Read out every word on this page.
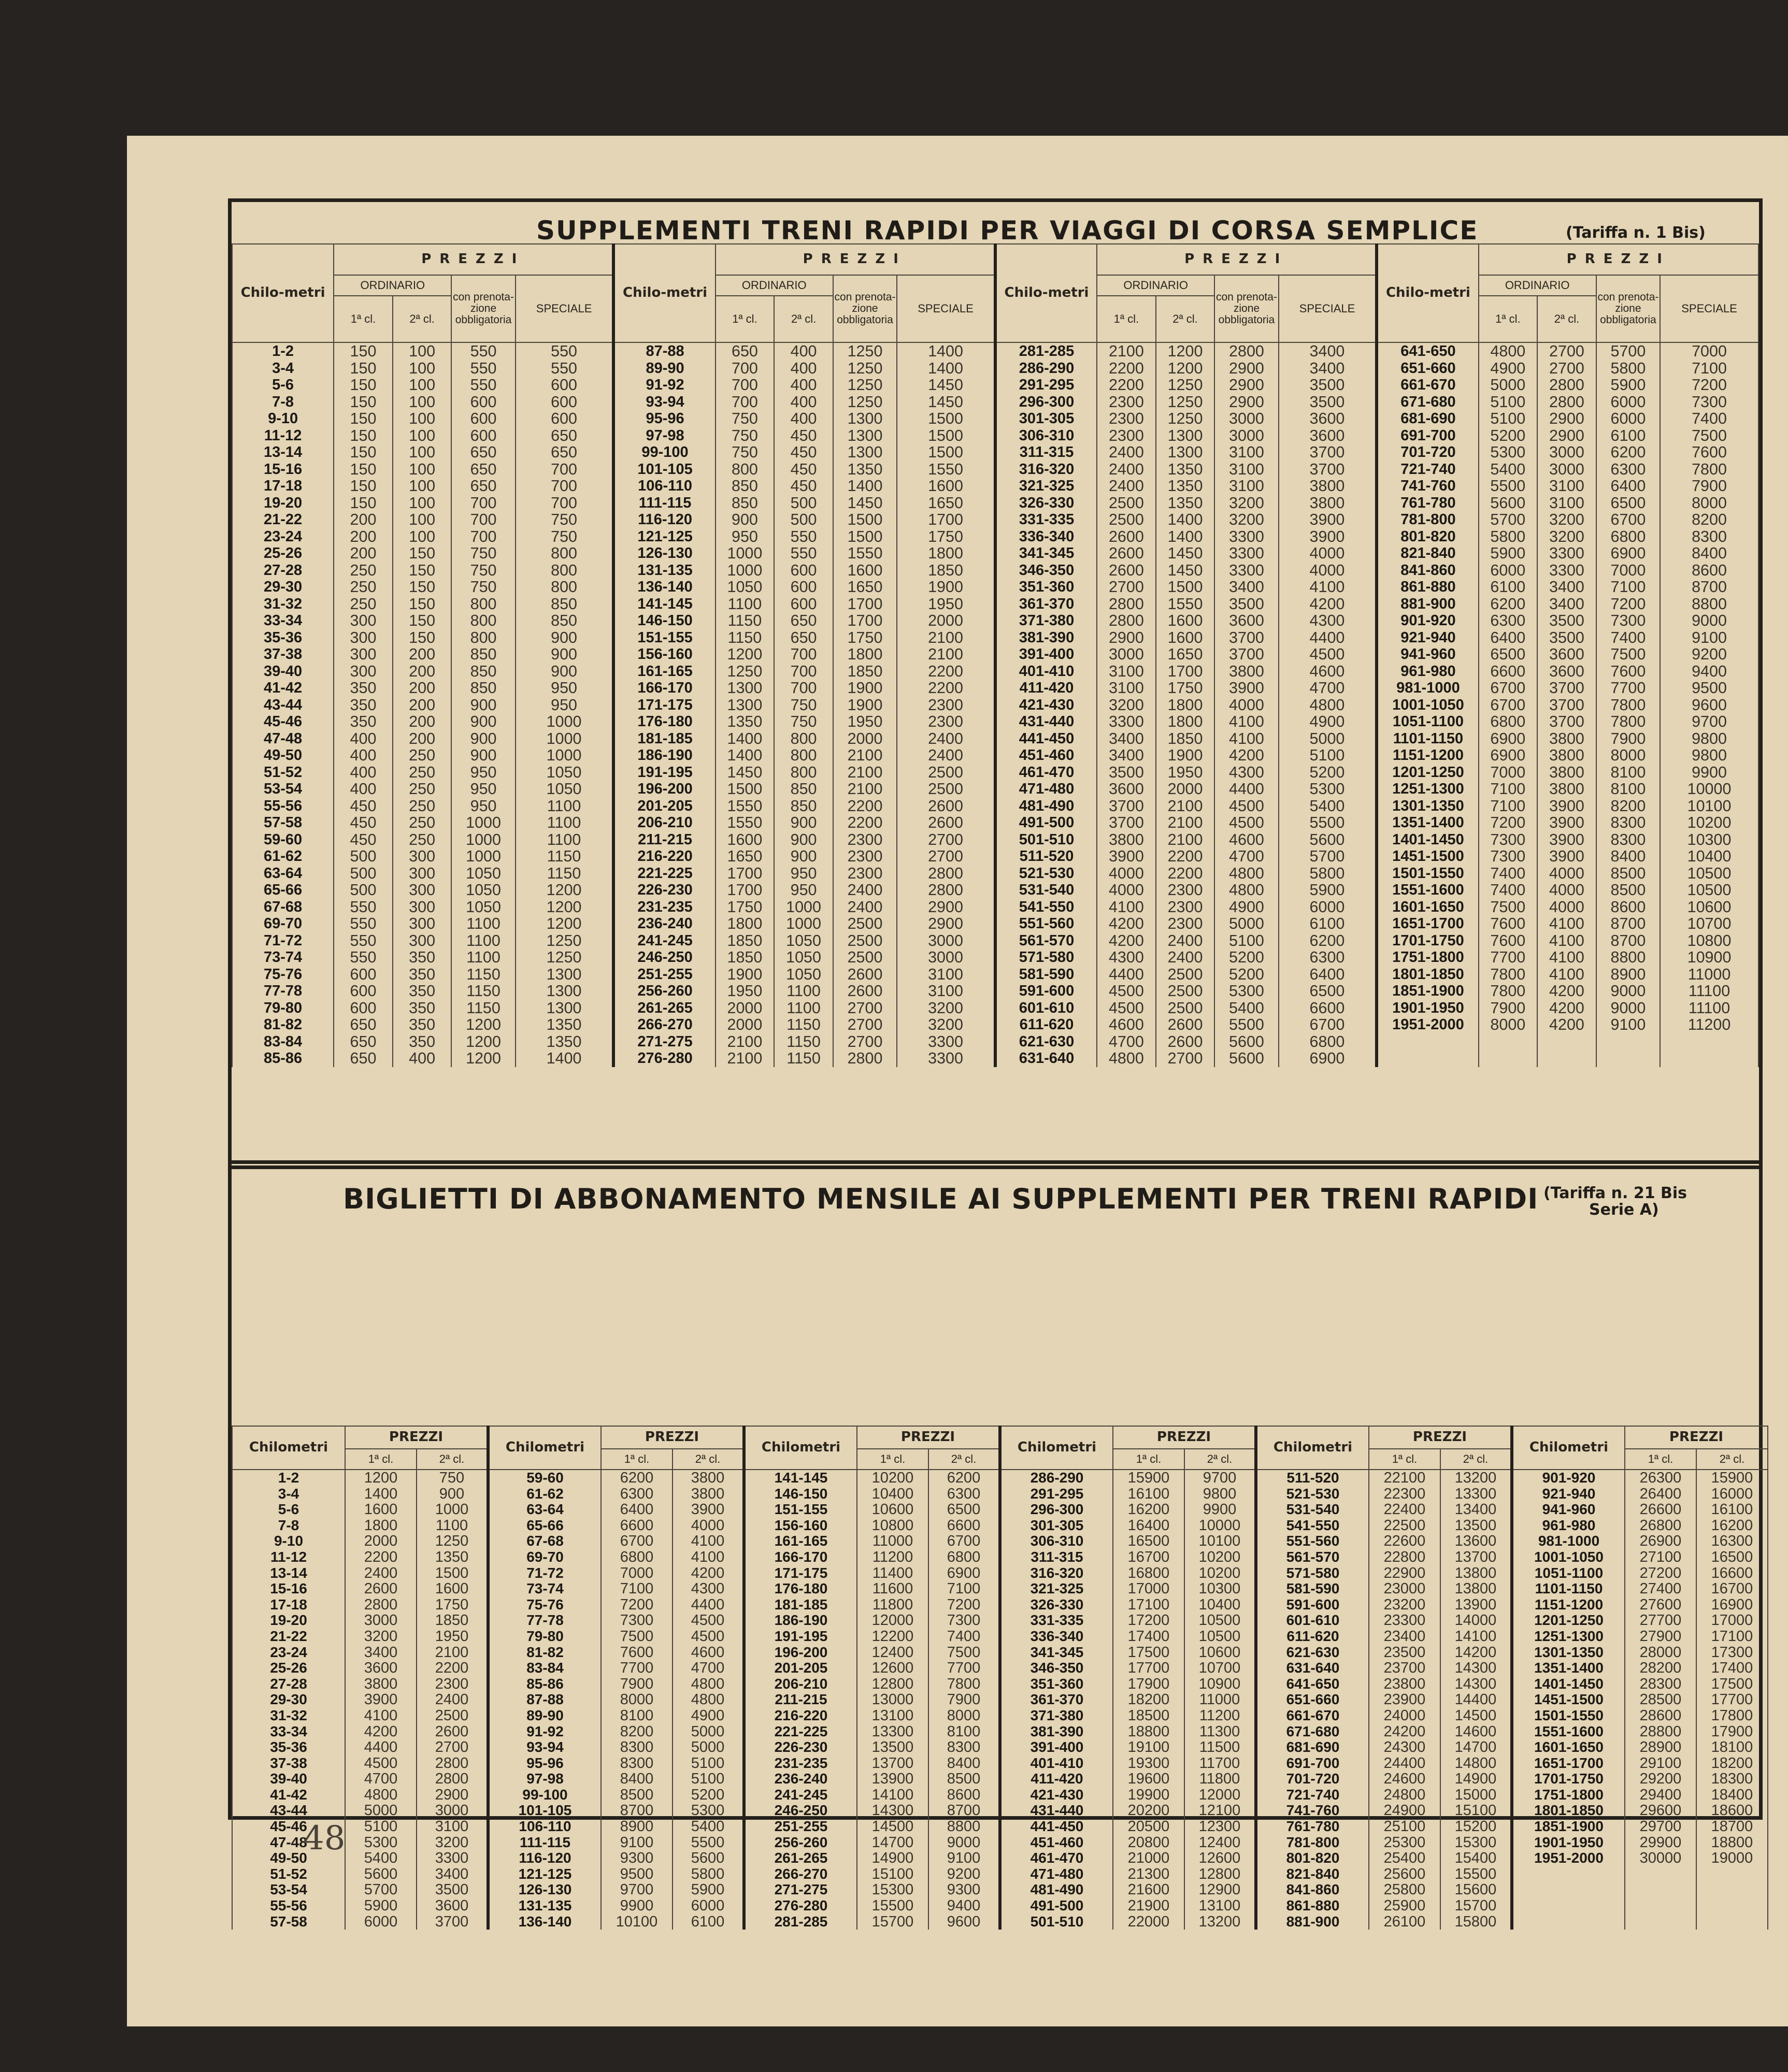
SUPPLEMENTI TRENI RAPIDI PER VIAGGI DI CORSA SEMPLICE	(Tariffa n. 1 Bis)
Chilo-metri	PREZZI				Chilo-metri	PREZZI				Chilo-metri	PREZZI				Chilo-metri	PREZZI			
	ORDINARIO		con prenota-zione obbligatoria	SPECIALE		ORDINARIO		con prenota-zione obbligatoria	SPECIALE		ORDINARIO		con prenota-zione obbligatoria	SPECIALE		ORDINARIO		con prenota-zione obbligatoria	SPECIALE
	1ª cl.	2ª cl.				1ª cl.	2ª cl.				1ª cl.	2ª cl.				1ª cl.	2ª cl.		
1-2	150	100	550	550	87-88	650	400	1250	1400	281-285	2100	1200	2800	3400	641-650	4800	2700	5700	7000
3-4	150	100	550	550	89-90	700	400	1250	1400	286-290	2200	1200	2900	3400	651-660	4900	2700	5800	7100
5-6	150	100	550	600	91-92	700	400	1250	1450	291-295	2200	1250	2900	3500	661-670	5000	2800	5900	7200
7-8	150	100	600	600	93-94	700	400	1250	1450	296-300	2300	1250	2900	3500	671-680	5100	2800	6000	7300
9-10	150	100	600	600	95-96	750	400	1300	1500	301-305	2300	1250	3000	3600	681-690	5100	2900	6000	7400
11-12	150	100	600	650	97-98	750	450	1300	1500	306-310	2300	1300	3000	3600	691-700	5200	2900	6100	7500
13-14	150	100	650	650	99-100	750	450	1300	1500	311-315	2400	1300	3100	3700	701-720	5300	3000	6200	7600
15-16	150	100	650	700	101-105	800	450	1350	1550	316-320	2400	1350	3100	3700	721-740	5400	3000	6300	7800
17-18	150	100	650	700	106-110	850	450	1400	1600	321-325	2400	1350	3100	3800	741-760	5500	3100	6400	7900
19-20	150	100	700	700	111-115	850	500	1450	1650	326-330	2500	1350	3200	3800	761-780	5600	3100	6500	8000
21-22	200	100	700	750	116-120	900	500	1500	1700	331-335	2500	1400	3200	3900	781-800	5700	3200	6700	8200
23-24	200	100	700	750	121-125	950	550	1500	1750	336-340	2600	1400	3300	3900	801-820	5800	3200	6800	8300
25-26	200	150	750	800	126-130	1000	550	1550	1800	341-345	2600	1450	3300	4000	821-840	5900	3300	6900	8400
27-28	250	150	750	800	131-135	1000	600	1600	1850	346-350	2600	1450	3300	4000	841-860	6000	3300	7000	8600
29-30	250	150	750	800	136-140	1050	600	1650	1900	351-360	2700	1500	3400	4100	861-880	6100	3400	7100	8700
31-32	250	150	800	850	141-145	1100	600	1700	1950	361-370	2800	1550	3500	4200	881-900	6200	3400	7200	8800
33-34	300	150	800	850	146-150	1150	650	1700	2000	371-380	2800	1600	3600	4300	901-920	6300	3500	7300	9000
35-36	300	150	800	900	151-155	1150	650	1750	2100	381-390	2900	1600	3700	4400	921-940	6400	3500	7400	9100
37-38	300	200	850	900	156-160	1200	700	1800	2100	391-400	3000	1650	3700	4500	941-960	6500	3600	7500	9200
39-40	300	200	850	900	161-165	1250	700	1850	2200	401-410	3100	1700	3800	4600	961-980	6600	3600	7600	9400
41-42	350	200	850	950	166-170	1300	700	1900	2200	411-420	3100	1750	3900	4700	981-1000	6700	3700	7700	9500
43-44	350	200	900	950	171-175	1300	750	1900	2300	421-430	3200	1800	4000	4800	1001-1050	6700	3700	7800	9600
45-46	350	200	900	1000	176-180	1350	750	1950	2300	431-440	3300	1800	4100	4900	1051-1100	6800	3700	7800	9700
47-48	400	200	900	1000	181-185	1400	800	2000	2400	441-450	3400	1850	4100	5000	1101-1150	6900	3800	7900	9800
49-50	400	250	900	1000	186-190	1400	800	2100	2400	451-460	3400	1900	4200	5100	1151-1200	6900	3800	8000	9800
51-52	400	250	950	1050	191-195	1450	800	2100	2500	461-470	3500	1950	4300	5200	1201-1250	7000	3800	8100	9900
53-54	400	250	950	1050	196-200	1500	850	2100	2500	471-480	3600	2000	4400	5300	1251-1300	7100	3800	8100	10000
55-56	450	250	950	1100	201-205	1550	850	2200	2600	481-490	3700	2100	4500	5400	1301-1350	7100	3900	8200	10100
57-58	450	250	1000	1100	206-210	1550	900	2200	2600	491-500	3700	2100	4500	5500	1351-1400	7200	3900	8300	10200
59-60	450	250	1000	1100	211-215	1600	900	2300	2700	501-510	3800	2100	4600	5600	1401-1450	7300	3900	8300	10300
61-62	500	300	1000	1150	216-220	1650	900	2300	2700	511-520	3900	2200	4700	5700	1451-1500	7300	3900	8400	10400
63-64	500	300	1050	1150	221-225	1700	950	2300	2800	521-530	4000	2200	4800	5800	1501-1550	7400	4000	8500	10500
65-66	500	300	1050	1200	226-230	1700	950	2400	2800	531-540	4000	2300	4800	5900	1551-1600	7400	4000	8500	10500
67-68	550	300	1050	1200	231-235	1750	1000	2400	2900	541-550	4100	2300	4900	6000	1601-1650	7500	4000	8600	10600
69-70	550	300	1100	1200	236-240	1800	1000	2500	2900	551-560	4200	2300	5000	6100	1651-1700	7600	4100	8700	10700
71-72	550	300	1100	1250	241-245	1850	1050	2500	3000	561-570	4200	2400	5100	6200	1701-1750	7600	4100	8700	10800
73-74	550	350	1100	1250	246-250	1850	1050	2500	3000	571-580	4300	2400	5200	6300	1751-1800	7700	4100	8800	10900
75-76	600	350	1150	1300	251-255	1900	1050	2600	3100	581-590	4400	2500	5200	6400	1801-1850	7800	4100	8900	11000
77-78	600	350	1150	1300	256-260	1950	1100	2600	3100	591-600	4500	2500	5300	6500	1851-1900	7800	4200	9000	11100
79-80	600	350	1150	1300	261-265	2000	1100	2700	3200	601-610	4500	2500	5400	6600	1901-1950	7900	4200	9000	11100
81-82	650	350	1200	1350	266-270	2000	1150	2700	3200	611-620	4600	2600	5500	6700	1951-2000	8000	4200	9100	11200
83-84	650	350	1200	1350	271-275	2100	1150	2700	3300	621-630	4700	2600	5600	6800					
85-86	650	400	1200	1400	276-280	2100	1150	2800	3300	631-640	4800	2700	5600	6900					
BIGLIETTI DI ABBONAMENTO MENSILE AI SUPPLEMENTI PER TRENI RAPIDI (Tariffa n. 21 Bis
Serie A)
Chilometri	PREZZI		Chilometri	PREZZI		Chilometri	PREZZI		Chilometri	PREZZI		Chilometri	PREZZI		Chilometri	PREZZI	
	1ª cl.	2ª cl.		1ª cl.	2ª cl.		1ª cl.	2ª cl.		1ª cl.	2ª cl.		1ª cl.	2ª cl.		1ª cl.	2ª cl.
1-2	1200	750	59-60	6200	3800	141-145	10200	6200	286-290	15900	9700	511-520	22100	13200	901-920	26300	15900
3-4	1400	900	61-62	6300	3800	146-150	10400	6300	291-295	16100	9800	521-530	22300	13300	921-940	26400	16000
5-6	1600	1000	63-64	6400	3900	151-155	10600	6500	296-300	16200	9900	531-540	22400	13400	941-960	26600	16100
7-8	1800	1100	65-66	6600	4000	156-160	10800	6600	301-305	16400	10000	541-550	22500	13500	961-980	26800	16200
9-10	2000	1250	67-68	6700	4100	161-165	11000	6700	306-310	16500	10100	551-560	22600	13600	981-1000	26900	16300
11-12	2200	1350	69-70	6800	4100	166-170	11200	6800	311-315	16700	10200	561-570	22800	13700	1001-1050	27100	16500
13-14	2400	1500	71-72	7000	4200	171-175	11400	6900	316-320	16800	10200	571-580	22900	13800	1051-1100	27200	16600
15-16	2600	1600	73-74	7100	4300	176-180	11600	7100	321-325	17000	10300	581-590	23000	13800	1101-1150	27400	16700
17-18	2800	1750	75-76	7200	4400	181-185	11800	7200	326-330	17100	10400	591-600	23200	13900	1151-1200	27600	16900
19-20	3000	1850	77-78	7300	4500	186-190	12000	7300	331-335	17200	10500	601-610	23300	14000	1201-1250	27700	17000
21-22	3200	1950	79-80	7500	4500	191-195	12200	7400	336-340	17400	10500	611-620	23400	14100	1251-1300	27900	17100
23-24	3400	2100	81-82	7600	4600	196-200	12400	7500	341-345	17500	10600	621-630	23500	14200	1301-1350	28000	17300
25-26	3600	2200	83-84	7700	4700	201-205	12600	7700	346-350	17700	10700	631-640	23700	14300	1351-1400	28200	17400
27-28	3800	2300	85-86	7900	4800	206-210	12800	7800	351-360	17900	10900	641-650	23800	14300	1401-1450	28300	17500
29-30	3900	2400	87-88	8000	4800	211-215	13000	7900	361-370	18200	11000	651-660	23900	14400	1451-1500	28500	17700
31-32	4100	2500	89-90	8100	4900	216-220	13100	8000	371-380	18500	11200	661-670	24000	14500	1501-1550	28600	17800
33-34	4200	2600	91-92	8200	5000	221-225	13300	8100	381-390	18800	11300	671-680	24200	14600	1551-1600	28800	17900
35-36	4400	2700	93-94	8300	5000	226-230	13500	8300	391-400	19100	11500	681-690	24300	14700	1601-1650	28900	18100
37-38	4500	2800	95-96	8300	5100	231-235	13700	8400	401-410	19300	11700	691-700	24400	14800	1651-1700	29100	18200
39-40	4700	2800	97-98	8400	5100	236-240	13900	8500	411-420	19600	11800	701-720	24600	14900	1701-1750	29200	18300
41-42	4800	2900	99-100	8500	5200	241-245	14100	8600	421-430	19900	12000	721-740	24800	15000	1751-1800	29400	18400
43-44	5000	3000	101-105	8700	5300	246-250	14300	8700	431-440	20200	12100	741-760	24900	15100	1801-1850	29600	18600
45-46	5100	3100	106-110	8900	5400	251-255	14500	8800	441-450	20500	12300	761-780	25100	15200	1851-1900	29700	18700
47-48	5300	3200	111-115	9100	5500	256-260	14700	9000	451-460	20800	12400	781-800	25300	15300	1901-1950	29900	18800
49-50	5400	3300	116-120	9300	5600	261-265	14900	9100	461-470	21000	12600	801-820	25400	15400	1951-2000	30000	19000
51-52	5600	3400	121-125	9500	5800	266-270	15100	9200	471-480	21300	12800	821-840	25600	15500			
53-54	5700	3500	126-130	9700	5900	271-275	15300	9300	481-490	21600	12900	841-860	25800	15600			
55-56	5900	3600	131-135	9900	6000	276-280	15500	9400	491-500	21900	13100	861-880	25900	15700			
57-58	6000	3700	136-140	10100	6100	281-285	15700	9600	501-510	22000	13200	881-900	26100	15800			
48
